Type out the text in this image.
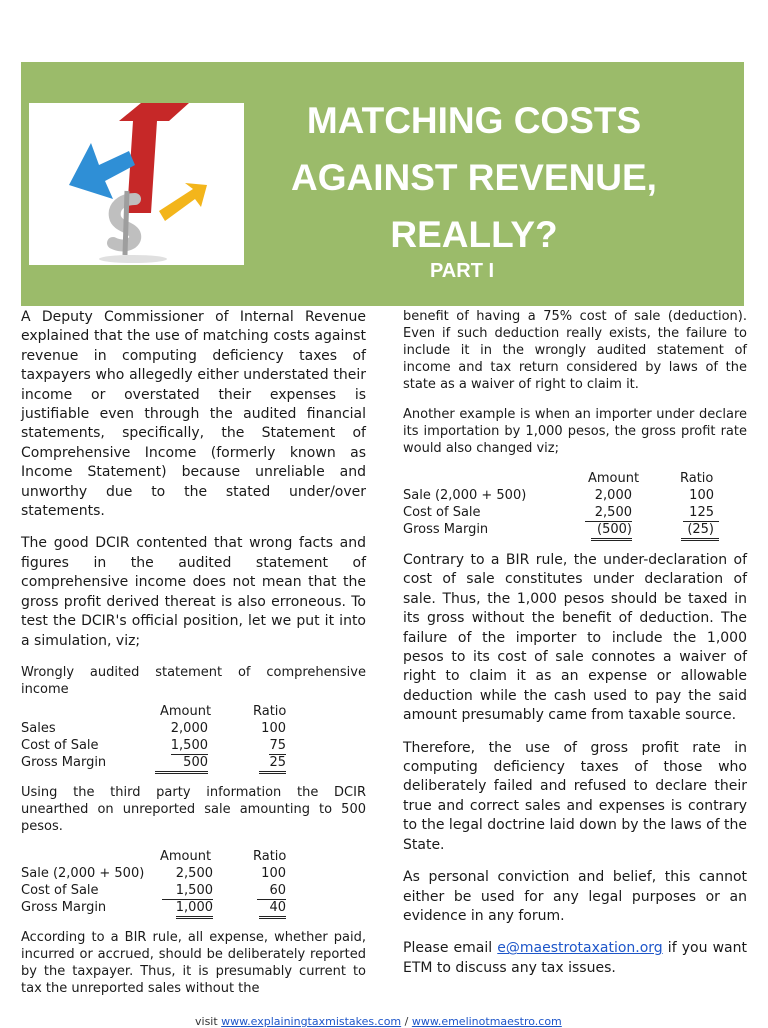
MATCHING COSTS
AGAINST REVENUE,
REALLY?
PART I

A Deputy Commissioner of Internal Revenue explained that the use of matching costs against revenue in computing deficiency taxes of taxpayers who allegedly either understated their income or overstated their expenses is justifiable even through the audited financial statements, specifically, the Statement of Comprehensive Income (formerly known as Income Statement) because unreliable and unworthy due to the stated under/over statements.

The good DCIR contented that wrong facts and figures in the audited statement of comprehensive income does not mean that the gross profit derived thereat is also erroneous. To test the DCIR's official position, let we put it into a simulation, viz;

Wrongly audited statement of comprehensive income

Amount	Ratio
Sales	2,000	100
Cost of Sale	1,500	75
Gross Margin	500	25

Using the third party information the DCIR unearthed on unreported sale amounting to 500 pesos.

Amount	Ratio
Sale (2,000 + 500) 2,500	100
Cost of Sale	1,500	60
Gross Margin	1,000	40

According to a BIR rule, all expense, whether paid, incurred or accrued, should be deliberately reported by the taxpayer. Thus, it is presumably current to tax the unreported sales without the

benefit of having a 75% cost of sale (deduction). Even if such deduction really exists, the failure to include it in the wrongly audited statement of income and tax return considered by laws of the state as a waiver of right to claim it.

Another example is when an importer under declare its importation by 1,000 pesos, the gross profit rate would also changed viz;

Amount	Ratio
Sale (2,000 + 500)	2,000	100
Cost of Sale	2,500	125
Gross Margin	(500)	(25)

Contrary to a BIR rule, the under-declaration of cost of sale constitutes under declaration of sale. Thus, the 1,000 pesos should be taxed in its gross without the benefit of deduction. The failure of the importer to include the 1,000 pesos to its cost of sale connotes a waiver of right to claim it as an expense or allowable deduction while the cash used to pay the said amount presumably came from taxable source.

Therefore, the use of gross profit rate in computing deficiency taxes of those who deliberately failed and refused to declare their true and correct sales and expenses is contrary to the legal doctrine laid down by the laws of the State.

As personal conviction and belief, this cannot either be used for any legal purposes or an evidence in any forum.

Please email e@maestrotaxation.org if you want ETM to discuss any tax issues.

visit www.explainingtaxmistakes.com / www.emelinotmaestro.com
